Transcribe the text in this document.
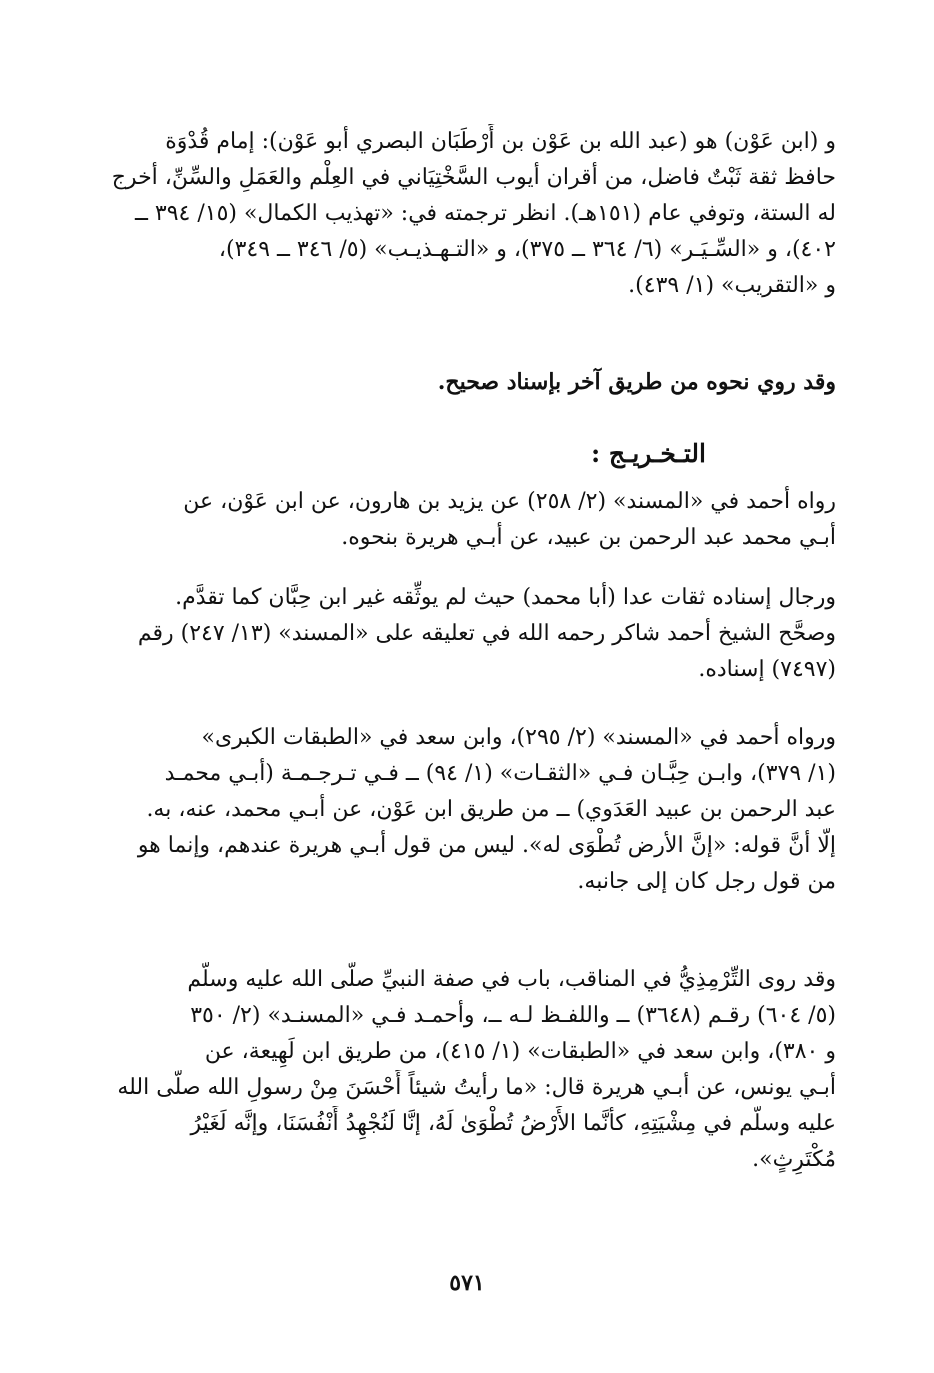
و (ابن عَوْن) هو (عبد الله بن عَوْن بن أَرْطَبَان البصري أبو عَوْن): إمام قُدْوَة
حافظ ثقة ثَبْتٌ فاضل، من أقران أيوب السَّخْتِيَاني في العِلْم والعَمَلِ والسِّنِّ، أخرج
له الستة، وتوفي عام (١٥١هـ). انظر ترجمته في: «تهذيب الكمال» (١٥/ ٣٩٤ ــ
٤٠٢)، و «السِّـيَـر» (٦/ ٣٦٤ ــ ٣٧٥)، و «التـهـذيـب» (٥/ ٣٤٦ ــ ٣٤٩)،
و «التقريب» (١/ ٤٣٩).
وقد روي نحوه من طريق آخر بإسناد صحيح.
التـخـريـج :
رواه أحمد في «المسند» (٢/ ٢٥٨) عن يزيد بن هارون، عن ابن عَوْن، عن
أبـي محمد عبد الرحمن بن عبيد، عن أبـي هريرة بنحوه.
ورجال إسناده ثقات عدا (أبا محمد) حيث لم يوثِّقه غير ابن حِبَّان كما تقدَّم.
وصحَّح الشيخ أحمد شاكر رحمه الله في تعليقه على «المسند» (١٣/ ٢٤٧) رقم
(٧٤٩٧) إسناده.
ورواه أحمد في «المسند» (٢/ ٢٩٥)، وابن سعد في «الطبقات الكبرى»
(١/ ٣٧٩)، وابـن حِبَّـان فـي «الثقـات» (١/ ٩٤) ــ فـي تـرجـمـة (أبـي محمـد
عبد الرحمن بن عبيد العَدَوي) ــ من طريق ابن عَوْن، عن أبـي محمد، عنه، به.
إلَّا أنَّ قوله: «إنَّ الأرض تُطْوَى له». ليس من قول أبـي هريرة عندهم، وإنما هو
من قول رجل كان إلى جانبه.
وقد روى التِّرْمِذِيُّ في المناقب، باب في صفة النبيِّ صلَّى الله عليه وسلَّم
(٥/ ٦٠٤) رقـم (٣٦٤٨) ــ واللفـظ لـه ــ، وأحمـد فـي «المسنـد» (٢/ ٣٥٠
و ٣٨٠)، وابن سعد في «الطبقات» (١/ ٤١٥)، من طريق ابن لَهِيعة، عن
أبـي يونس، عن أبـي هريرة قال: «ما رأيتُ شيئاً أَحْسَنَ مِنْ رسولِ الله صلَّى الله
عليه وسلَّم في مِشْيَتِهِ، كأنَّما الأَرْضُ تُطْوَىٰ لَهُ، إنَّا لَنُجْهِدُ أَنْفُسَنَا، وإنَّه لَغَيْرُ
مُكْتَرِثٍ».
٥٧١
